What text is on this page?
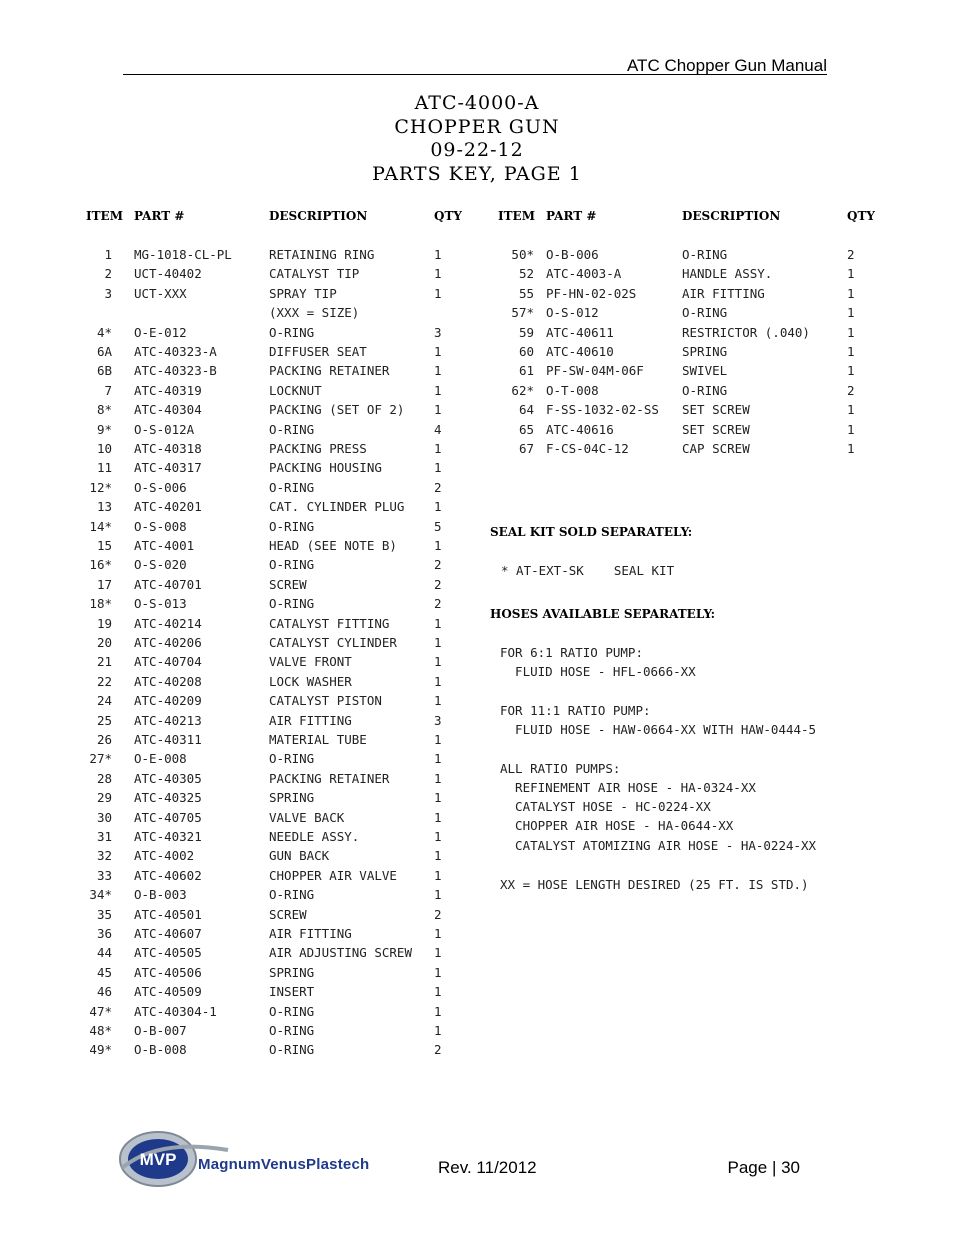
ATC Chopper Gun Manual
ATC-4000-A
CHOPPER GUN
09-22-12
PARTS KEY, PAGE 1
ITEM PART #	DESCRIPTION	QTY	ITEM PART #	DESCRIPTION	QTY
1 MG-1018-CL-PL	RETAINING RING	1
2 UCT-40402	CATALYST TIP	1
3 UCT-XXX	SPRAY TIP	1
(XXX = SIZE)
4* O-E-012	O-RING	3
6A ATC-40323-A	DIFFUSER SEAT	1
6B ATC-40323-B	PACKING RETAINER	1
7 ATC-40319	LOCKNUT	1
8* ATC-40304	PACKING (SET OF 2) 1
9* O-S-012A	O-RING	4
10 ATC-40318	PACKING PRESS	1
11 ATC-40317	PACKING HOUSING	1
12* O-S-006	O-RING	2
13 ATC-40201	CAT. CYLINDER PLUG 1
14* O-S-008	O-RING	5
15 ATC-4001	HEAD (SEE NOTE B)	1
16* O-S-020	O-RING	2
17 ATC-40701	SCREW	2
18* O-S-013	O-RING	2
19 ATC-40214	CATALYST FITTING	1
20 ATC-40206	CATALYST CYLINDER	1
21 ATC-40704	VALVE FRONT	1
22 ATC-40208	LOCK WASHER	1
24 ATC-40209	CATALYST PISTON	1
25 ATC-40213	AIR FITTING	3
26 ATC-40311	MATERIAL TUBE	1
27* O-E-008	O-RING	1
28 ATC-40305	PACKING RETAINER	1
29 ATC-40325	SPRING	1
30 ATC-40705	VALVE BACK	1
31 ATC-40321	NEEDLE ASSY.	1
32 ATC-4002	GUN BACK	1
33 ATC-40602	CHOPPER AIR VALVE	1
34* O-B-003	O-RING	1
35 ATC-40501	SCREW	2
36 ATC-40607	AIR FITTING	1
44 ATC-40505	AIR ADJUSTING SCREW 1
45 ATC-40506	SPRING	1
46 ATC-40509	INSERT	1
47* ATC-40304-1	O-RING	1
48* O-B-007	O-RING	1
49* O-B-008	O-RING	2
50* O-B-006	O-RING	2
52 ATC-4003-A	HANDLE ASSY.	1
55 PF-HN-02-02S	AIR FITTING	1
57* O-S-012	O-RING	1
59 ATC-40611	RESTRICTOR (.040)	1
60 ATC-40610	SPRING	1
61 PF-SW-04M-06F	SWIVEL	1
62* O-T-008	O-RING	2
64 F-SS-1032-02-SS SET SCREW	1
65 ATC-40616	SET SCREW	1
67 F-CS-04C-12	CAP SCREW	1
SEAL KIT SOLD SEPARATELY:
* AT-EXT-SK    SEAL KIT
HOSES AVAILABLE SEPARATELY:
FOR 6:1 RATIO PUMP:
FLUID HOSE - HFL-0666-XX
FOR 11:1 RATIO PUMP:
FLUID HOSE - HAW-0664-XX WITH HAW-0444-5
ALL RATIO PUMPS:
REFINEMENT AIR HOSE - HA-0324-XX
CATALYST HOSE - HC-0224-XX
CHOPPER AIR HOSE - HA-0644-XX
CATALYST ATOMIZING AIR HOSE - HA-0224-XX
XX = HOSE LENGTH DESIRED (25 FT. IS STD.)
MVP MagnumVenusPlastech	Rev. 11/2012	Page | 30
